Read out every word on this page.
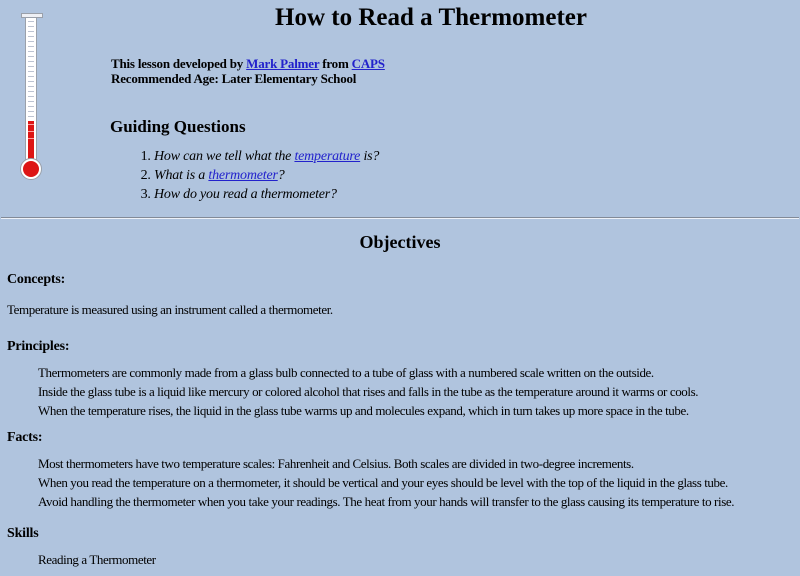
How to Read a Thermometer
This lesson developed by Mark Palmer from CAPS
Recommended Age: Later Elementary School
Guiding Questions
1. How can we tell what the temperature is?
2. What is a thermometer?
3. How do you read a thermometer?
Objectives
Concepts:

Temperature is measured using an instrument called a thermometer.

Principles:
• Thermometers are commonly made from a glass bulb connected to a tube of glass with a numbered scale written on the outside.
• Inside the glass tube is a liquid like mercury or colored alcohol that rises and falls in the tube as the temperature around it warms or cools.
• When the temperature rises, the liquid in the glass tube warms up and molecules expand, which in turn takes up more space in the tube.
Facts:
• Most thermometers have two temperature scales: Fahrenheit and Celsius. Both scales are divided in two-degree increments.
• When you read the temperature on a thermometer, it should be vertical and your eyes should be level with the top of the liquid in the glass tube.
• Avoid handling the thermometer when you take your readings. The heat from your hands will transfer to the glass causing its temperature to rise.
Skills
• Reading a Thermometer
